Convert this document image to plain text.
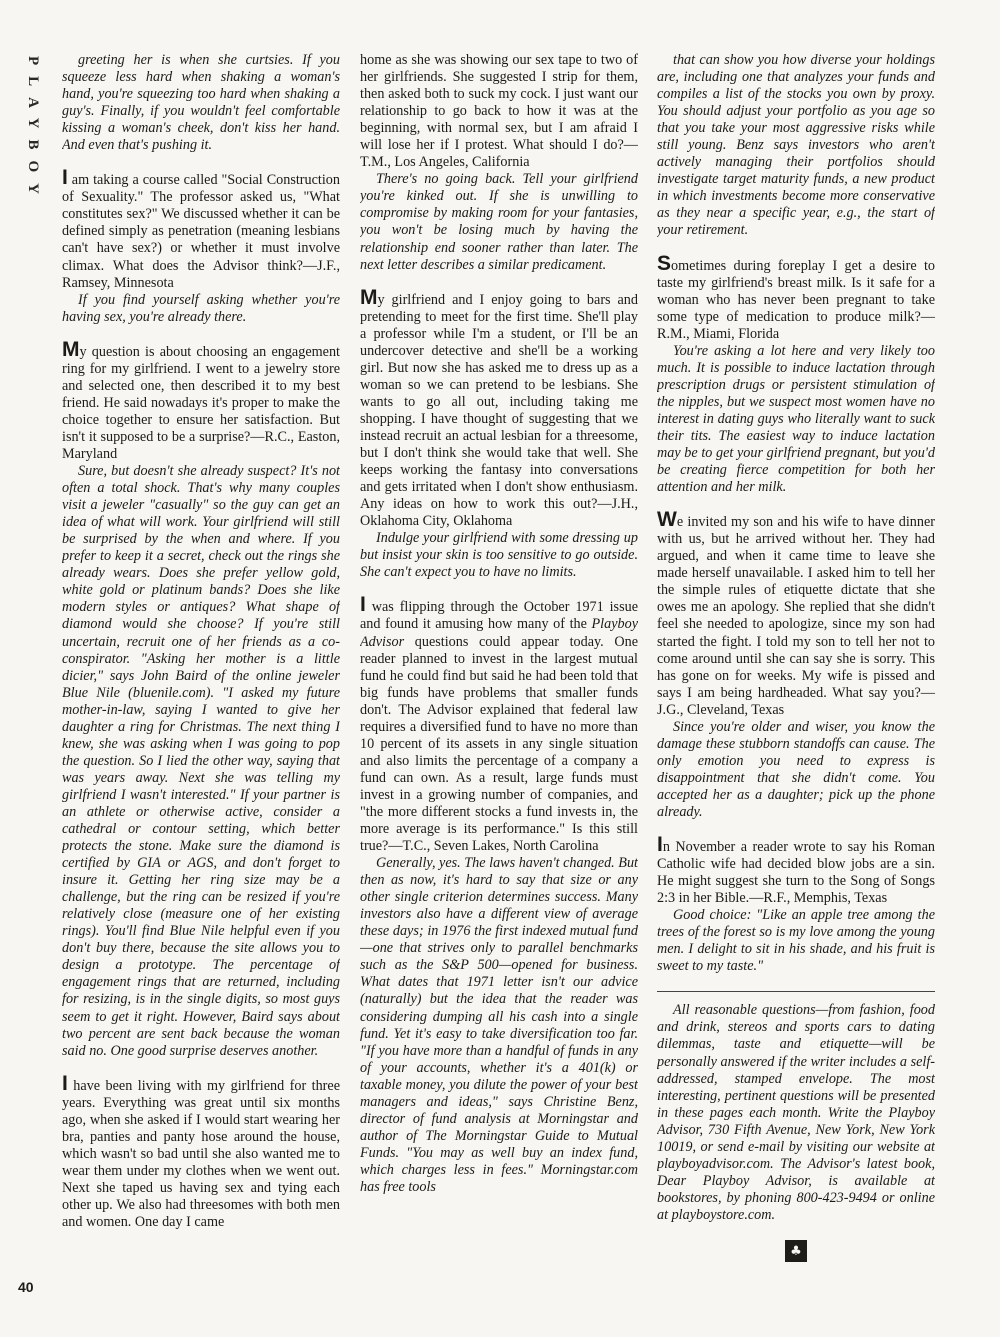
PLAYBOY	greeting her is when she curtsies. If you squeeze less hard when shaking a woman's hand, you're squeezing too hard when shaking a guy's. Finally, if you wouldn't feel comfortable kissing a woman's cheek, don't kiss her hand. And even that's pushing it.

I am taking a course called "Social Construction of Sexuality." The professor asked us, "What constitutes sex?" We discussed whether it can be defined simply as penetration (meaning lesbians can't have sex?) or whether it must involve climax. What does the Advisor think?—J.F., Ramsey, Minnesota

If you find yourself asking whether you're having sex, you're already there.

My question is about choosing an engagement ring for my girlfriend. I went to a jewelry store and selected one, then described it to my best friend. He said nowadays it's proper to make the choice together to ensure her satisfaction. But isn't it supposed to be a surprise?—R.C., Easton, Maryland

Sure, but doesn't she already suspect? It's not often a total shock. That's why many couples visit a jeweler "casually" so the guy can get an idea of what will work. Your girlfriend will still be surprised by the when and where. If you prefer to keep it a secret, check out the rings she already wears. Does she prefer yellow gold, white gold or platinum bands? Does she like modern styles or antiques? What shape of diamond would she choose? If you're still uncertain, recruit one of her friends as a co-conspirator. "Asking her mother is a little dicier," says John Baird of the online jeweler Blue Nile (bluenile.com). "I asked my future mother-in-law, saying I wanted to give her daughter a ring for Christmas. The next thing I knew, she was asking when I was going to pop the question. So I lied the other way, saying that was years away. Next she was telling my girlfriend I wasn't interested." If your partner is an athlete or otherwise active, consider a cathedral or contour setting, which better protects the stone. Make sure the diamond is certified by GIA or AGS, and don't forget to insure it. Getting her ring size may be a challenge, but the ring can be resized if you're relatively close (measure one of her existing rings). You'll find Blue Nile helpful even if you don't buy there, because the site allows you to design a prototype. The percentage of engagement rings that are returned, including for resizing, is in the single digits, so most guys seem to get it right. However, Baird says about two percent are sent back because the woman said no. One good surprise deserves another.

I have been living with my girlfriend for three years. Everything was great until six months ago, when she asked if I would start wearing her bra, panties and panty hose around the house, which wasn't so bad until she also wanted me to wear them under my clothes when we went out. Next she taped us having sex and tying each other up. We also had threesomes with both men and women. One day I came

home as she was showing our sex tape to two of her girlfriends. She suggested I strip for them, then asked both to suck my cock. I just want our relationship to go back to how it was at the beginning, with normal sex, but I am afraid I will lose her if I protest. What should I do?—T.M., Los Angeles, California

There's no going back. Tell your girlfriend you're kinked out. If she is unwilling to compromise by making room for your fantasies, you won't be losing much by having the relationship end sooner rather than later. The next letter describes a similar predicament.

My girlfriend and I enjoy going to bars and pretending to meet for the first time. She'll play a professor while I'm a student, or I'll be an undercover detective and she'll be a working girl. But now she has asked me to dress up as a woman so we can pretend to be lesbians. She wants to go all out, including taking me shopping. I have thought of suggesting that we instead recruit an actual lesbian for a threesome, but I don't think she would take that well. She keeps working the fantasy into conversations and gets irritated when I don't show enthusiasm. Any ideas on how to work this out?—J.H., Oklahoma City, Oklahoma

Indulge your girlfriend with some dressing up but insist your skin is too sensitive to go outside. She can't expect you to have no limits.

I was flipping through the October 1971 issue and found it amusing how many of the Playboy Advisor questions could appear today. One reader planned to invest in the largest mutual fund he could find but said he had been told that big funds have problems that smaller funds don't. The Advisor explained that federal law requires a diversified fund to have no more than 10 percent of its assets in any single situation and also limits the percentage of a company a fund can own. As a result, large funds must invest in a growing number of companies, and "the more different stocks a fund invests in, the more average is its performance." Is this still true?—T.C., Seven Lakes, North Carolina

Generally, yes. The laws haven't changed. But then as now, it's hard to say that size or any other single criterion determines success. Many investors also have a different view of average these days; in 1976 the first indexed mutual fund—one that strives only to parallel benchmarks such as the S&P 500—opened for business. What dates that 1971 letter isn't our advice (naturally) but the idea that the reader was considering dumping all his cash into a single fund. Yet it's easy to take diversification too far. "If you have more than a handful of funds in any of your accounts, whether it's a 401(k) or taxable money, you dilute the power of your best managers and ideas," says Christine Benz, director of fund analysis at Morningstar and author of The Morningstar Guide to Mutual Funds. "You may as well buy an index fund, which charges less in fees." Morningstar.com has free tools

that can show you how diverse your holdings are, including one that analyzes your funds and compiles a list of the stocks you own by proxy. You should adjust your portfolio as you age so that you take your most aggressive risks while still young. Benz says investors who aren't actively managing their portfolios should investigate target maturity funds, a new product in which investments become more conservative as they near a specific year, e.g., the start of your retirement.

Sometimes during foreplay I get a desire to taste my girlfriend's breast milk. Is it safe for a woman who has never been pregnant to take some type of medication to produce milk?—R.M., Miami, Florida

You're asking a lot here and very likely too much. It is possible to induce lactation through prescription drugs or persistent stimulation of the nipples, but we suspect most women have no interest in dating guys who literally want to suck their tits. The easiest way to induce lactation may be to get your girlfriend pregnant, but you'd be creating fierce competition for both her attention and her milk.

We invited my son and his wife to have dinner with us, but he arrived without her. They had argued, and when it came time to leave she made herself unavailable. I asked him to tell her the simple rules of etiquette dictate that she owes me an apology. She replied that she didn't feel she needed to apologize, since my son had started the fight. I told my son to tell her not to come around until she can say she is sorry. This has gone on for weeks. My wife is pissed and says I am being hardheaded. What say you?—J.G., Cleveland, Texas

Since you're older and wiser, you know the damage these stubborn standoffs can cause. The only emotion you need to express is disappointment that she didn't come. You accepted her as a daughter; pick up the phone already.

In November a reader wrote to say his Roman Catholic wife had decided blow jobs are a sin. He might suggest she turn to the Song of Songs 2:3 in her Bible.—R.F., Memphis, Texas

Good choice: "Like an apple tree among the trees of the forest so is my love among the young men. I delight to sit in his shade, and his fruit is sweet to my taste."

All reasonable questions—from fashion, food and drink, stereos and sports cars to dating dilemmas, taste and etiquette—will be personally answered if the writer includes a self-addressed, stamped envelope. The most interesting, pertinent questions will be presented in these pages each month. Write the Playboy Advisor, 730 Fifth Avenue, New York, New York 10019, or send e-mail by visiting our website at playboyadvisor.com. The Advisor's latest book, Dear Playboy Advisor, is available at bookstores, by phoning 800-423-9494 or online at playboystore.com.

♣
40
